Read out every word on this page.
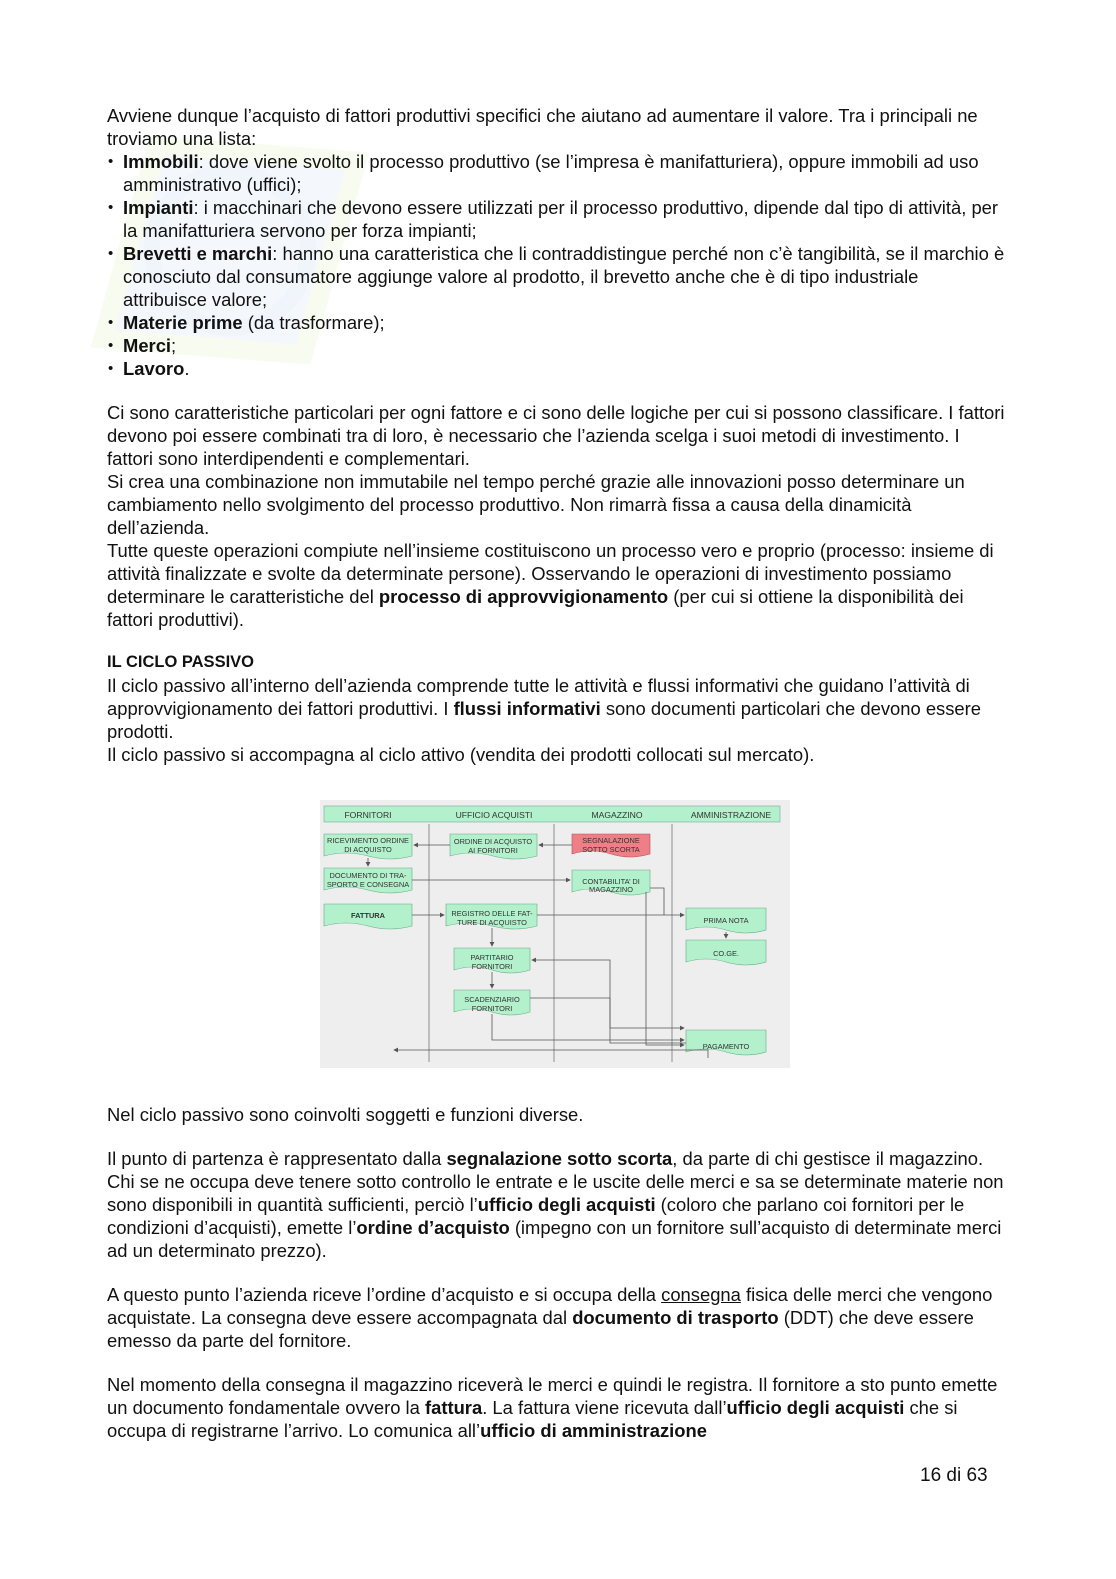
Avviene dunque l’acquisto di fattori produttivi specifici che aiutano ad aumentare il valore. Tra i principali ne troviamo una lista:

• Immobili: dove viene svolto il processo produttivo (se l’impresa è manifatturiera), oppure immobili ad uso amministrativo (uffici);
• Impianti: i macchinari che devono essere utilizzati per il processo produttivo, dipende dal tipo di attività, per la manifatturiera servono per forza impianti;
• Brevetti e marchi: hanno una caratteristica che li contraddistingue perché non c’è tangibilità, se il marchio è conosciuto dal consumatore aggiunge valore al prodotto, il brevetto anche che è di tipo industriale attribuisce valore;
• Materie prime (da trasformare);
• Merci;
• Lavoro.

Ci sono caratteristiche particolari per ogni fattore e ci sono delle logiche per cui si possono classificare. I fattori devono poi essere combinati tra di loro, è necessario che l’azienda scelga i suoi metodi di investimento. I fattori sono interdipendenti e complementari.

Si crea una combinazione non immutabile nel tempo perché grazie alle innovazioni posso determinare un cambiamento nello svolgimento del processo produttivo. Non rimarrà fissa a causa della dinamicità dell’azienda.

Tutte queste operazioni compiute nell’insieme costituiscono un processo vero e proprio (processo: insieme di attività finalizzate e svolte da determinate persone). Osservando le operazioni di investimento possiamo determinare le caratteristiche del processo di approvvigionamento (per cui si ottiene la disponibilità dei fattori produttivi).

IL CICLO PASSIVO

Il ciclo passivo all’interno dell’azienda comprende tutte le attività e flussi informativi che guidano l’attività di approvvigionamento dei fattori produttivi. I flussi informativi sono documenti particolari che devono essere prodotti.

Il ciclo passivo si accompagna al ciclo attivo (vendita dei prodotti collocati sul mercato).

FORNITORI	UFFICIO ACQUISTI	MAGAZZINO	AMMINISTRAZIONE
RICEVIMENTO ORDINE
DI ACQUISTO
ORDINE DI ACQUISTO
AI FORNITORI
SEGNALAZIONE
SOTTO SCORTA
DOCUMENTO DI TRA-
SPORTO E CONSEGNA	CONTABILITA’ DI
MAGAZZINO
FATTURA	REGISTRO DELLE FAT-
TURE DI ACQUISTO	PRIMA NOTA
PARTITARIO
FORNITORI
CO.GE.
SCADENZIARIO
FORNITORI
PAGAMENTO

Nel ciclo passivo sono coinvolti soggetti e funzioni diverse.

Il punto di partenza è rappresentato dalla segnalazione sotto scorta, da parte di chi gestisce il magazzino. Chi se ne occupa deve tenere sotto controllo le entrate e le uscite delle merci e sa se determinate materie non sono disponibili in quantità sufficienti, perciò l’ufficio degli acquisti (coloro che parlano coi fornitori per le condizioni d’acquisti), emette l’ordine d’acquisto (impegno con un fornitore sull’acquisto di determinate merci ad un determinato prezzo).

A questo punto l’azienda riceve l’ordine d’acquisto e si occupa della consegna fisica delle merci che vengono acquistate. La consegna deve essere accompagnata dal documento di trasporto (DDT) che deve essere emesso da parte del fornitore.

Nel momento della consegna il magazzino riceverà le merci e quindi le registra. Il fornitore a sto punto emette un documento fondamentale ovvero la fattura. La fattura viene ricevuta dall’ufficio degli acquisti che si occupa di registrarne l’arrivo. Lo comunica all’ufficio di amministrazione

16 di 63
